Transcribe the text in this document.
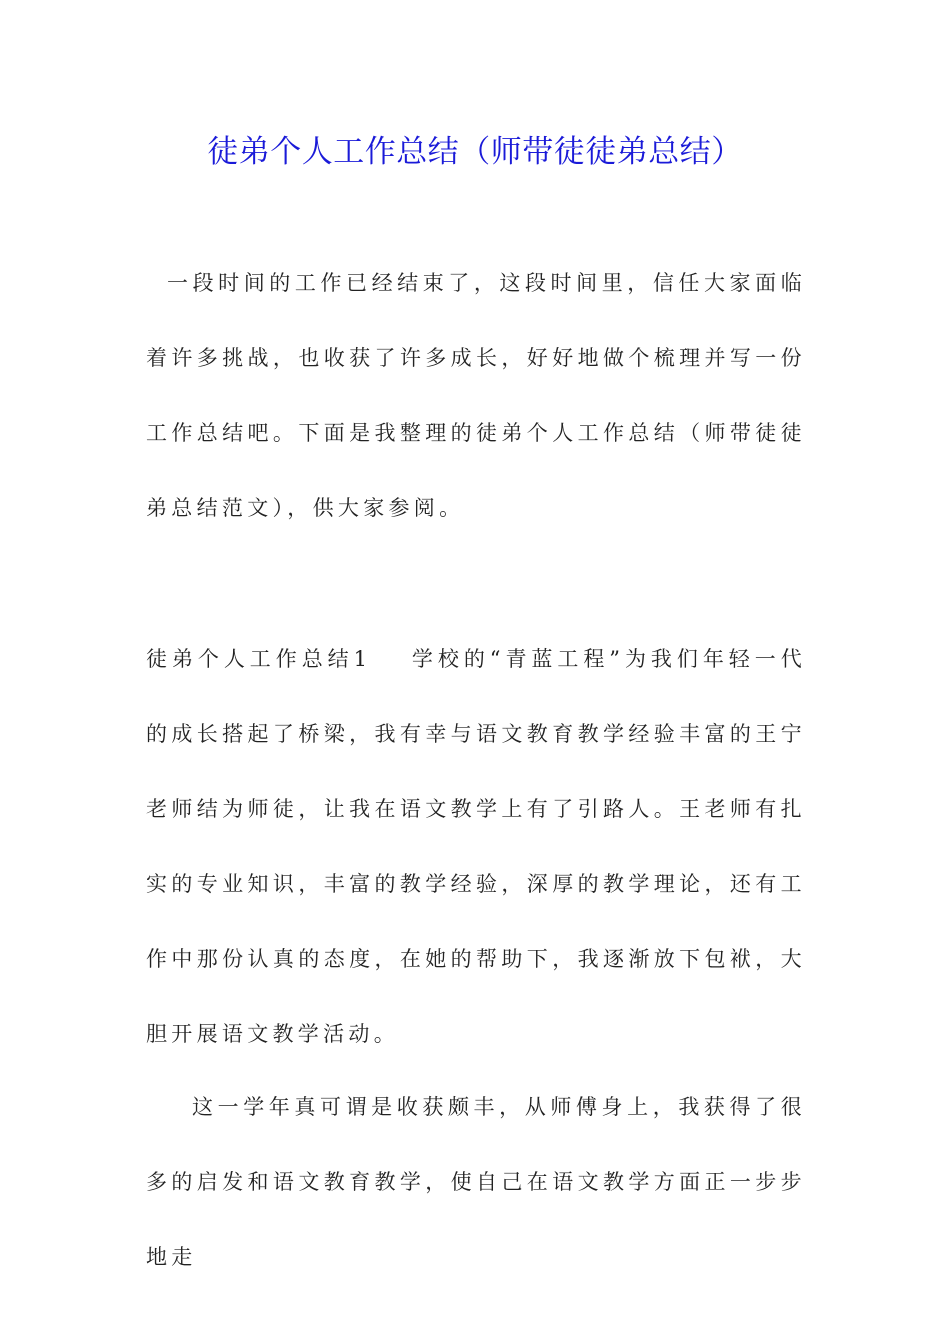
徒弟个人工作总结（师带徒徒弟总结）

一段时间的工作已经结束了，这段时间里，信任大家面临着许多挑战，也收获了许多成长，好好地做个梳理并写一份工作总结吧。下面是我整理的徒弟个人工作总结（师带徒徒弟总结范文），供大家参阅。

徒弟个人工作总结1 学校的“青蓝工程”为我们年轻一代的成长搭起了桥梁，我有幸与语文教育教学经验丰富的王宁老师结为师徒，让我在语文教学上有了引路人。王老师有扎实的专业知识，丰富的教学经验，深厚的教学理论，还有工作中那份认真的态度，在她的帮助下，我逐渐放下包袱，大胆开展语文教学活动。

这一学年真可谓是收获颇丰，从师傅身上，我获得了很多的启发和语文教育教学，使自己在语文教学方面正一步步地走
